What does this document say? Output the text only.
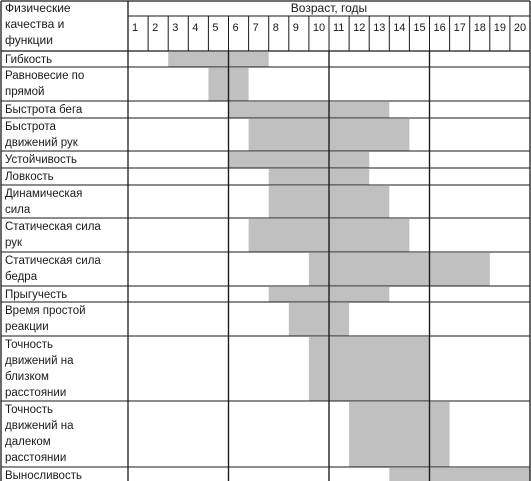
Физические
качества и
функции
Возраст, годы
1 2 3 4 5 6 7 8 9 10 11 12 13 14 15 16 17 18 19 20
Гибкость
Равновесие по
прямой
Быстрота бега
Быстрота
движений рук
Устойчивость
Ловкость
Динамическая
сила
Статическая сила
рук
Статическая сила
бедра
Прыгучесть
Время простой
реакции
Точность
движений на
близком
расстоянии
Точность
движений на
далеком
расстоянии
Выносливость
